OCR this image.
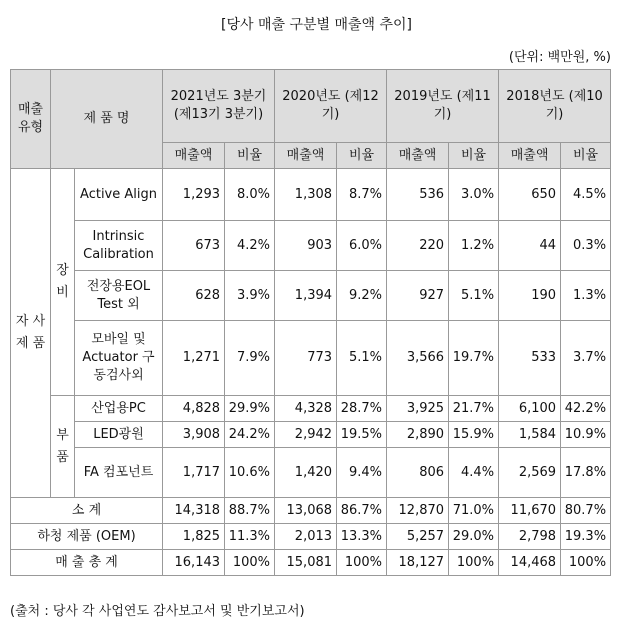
[당사 매출 구분별 매출액 추이]
(단위: 백만원, %)
매출 유형	제 품 명		2021년도 3분기 (제13기 3분기)		2020년도 (제12기)		2019년도 (제11기)		2018년도 (제10기)	
			매출액	비율	매출액	비율	매출액	비율	매출액	비율
자 사 제 품	장 비	Active Align	1,293	8.0%	1,308	8.7%	536	3.0%	650	4.5%
		Intrinsic Calibration	673	4.2%	903	6.0%	220	1.2%	44	0.3%
		전장용EOL Test 외	628	3.9%	1,394	9.2%	927	5.1%	190	1.3%
		모바일 및 Actuator 구동검사외	1,271	7.9%	773	5.1%	3,566	19.7%	533	3.7%
	부 품	산업용PC	4,828	29.9%	4,328	28.7%	3,925	21.7%	6,100	42.2%
		LED광원	3,908	24.2%	2,942	19.5%	2,890	15.9%	1,584	10.9%
		FA 컴포넌트	1,717	10.6%	1,420	9.4%	806	4.4%	2,569	17.8%
소 계			14,318	88.7%	13,068	86.7%	12,870	71.0%	11,670	80.7%
하청 제품 (OEM)			1,825	11.3%	2,013	13.3%	5,257	29.0%	2,798	19.3%
매 출 총 계			16,143	100%	15,081	100%	18,127	100%	14,468	100%
(출처 : 당사 각 사업연도 감사보고서 및 반기보고서)
